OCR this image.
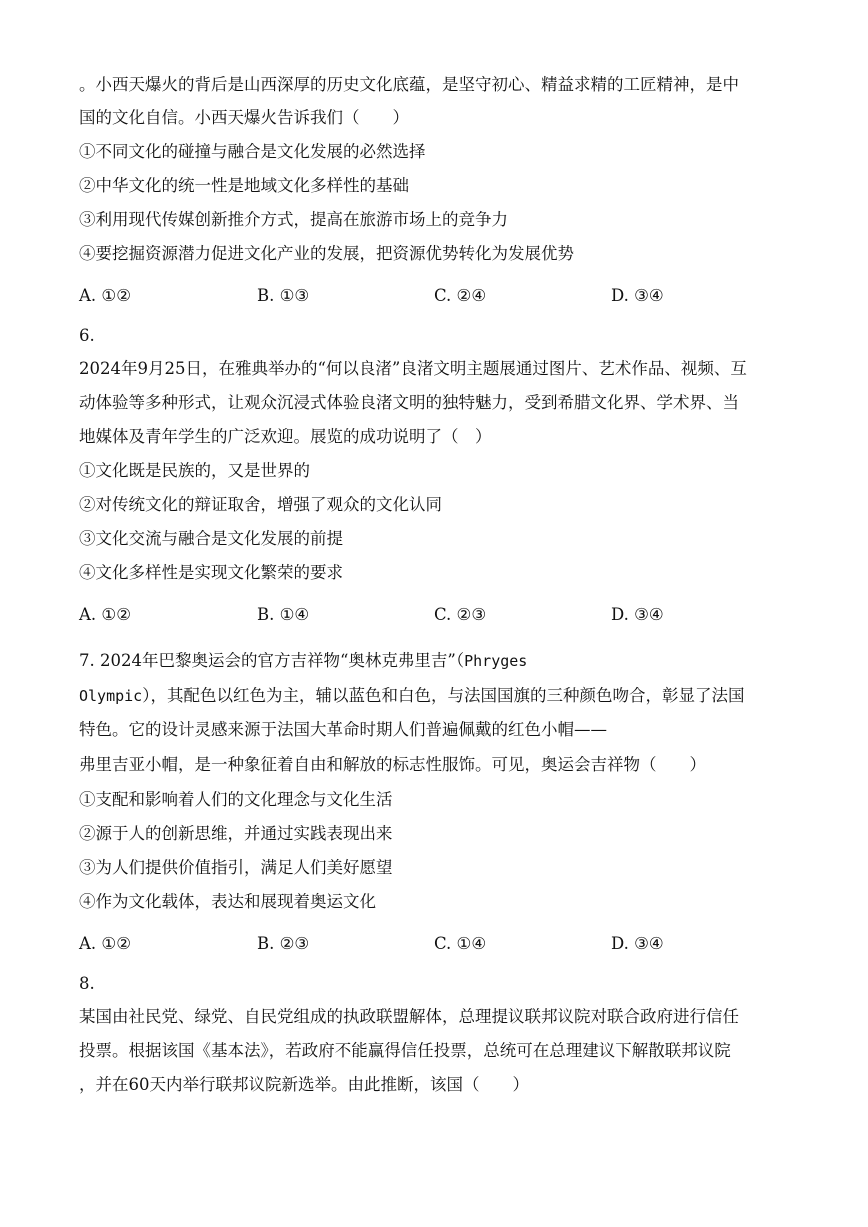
。小西天爆火的背后是山西深厚的历史文化底蕴，是坚守初心、精益求精的工匠精神，是中
国的文化自信。小西天爆火告诉我们（　　）
①不同文化的碰撞与融合是文化发展的必然选择
②中华文化的统一性是地域文化多样性的基础
③利用现代传媒创新推介方式，提高在旅游市场上的竞争力
④要挖掘资源潜力促进文化产业的发展，把资源优势转化为发展优势
A. ①②	B. ①③	C. ②④	D. ③④
6.
2024年9月25日，在雅典举办的“何以良渚”良渚文明主题展通过图片、艺术作品、视频、互
动体验等多种形式，让观众沉浸式体验良渚文明的独特魅力，受到希腊文化界、学术界、当
地媒体及青年学生的广泛欢迎。展览的成功说明了（　）
①文化既是民族的，又是世界的
②对传统文化的辩证取舍，增强了观众的文化认同
③文化交流与融合是文化发展的前提
④文化多样性是实现文化繁荣的要求
A. ①②	B. ①④	C. ②③	D. ③④
7. 2024年巴黎奥运会的官方吉祥物“奥林克弗里吉”（Phryges
Olympic），其配色以红色为主，辅以蓝色和白色，与法国国旗的三种颜色吻合，彰显了法国
特色。它的设计灵感来源于法国大革命时期人们普遍佩戴的红色小帽——
弗里吉亚小帽，是一种象征着自由和解放的标志性服饰。可见，奥运会吉祥物（　　）
①支配和影响着人们的文化理念与文化生活
②源于人的创新思维，并通过实践表现出来
③为人们提供价值指引，满足人们美好愿望
④作为文化载体，表达和展现着奥运文化
A. ①②	B. ②③	C. ①④	D. ③④
8.
某国由社民党、绿党、自民党组成的执政联盟解体，总理提议联邦议院对联合政府进行信任
投票。根据该国《基本法》，若政府不能赢得信任投票，总统可在总理建议下解散联邦议院
，并在60天内举行联邦议院新选举。由此推断，该国（　　）
